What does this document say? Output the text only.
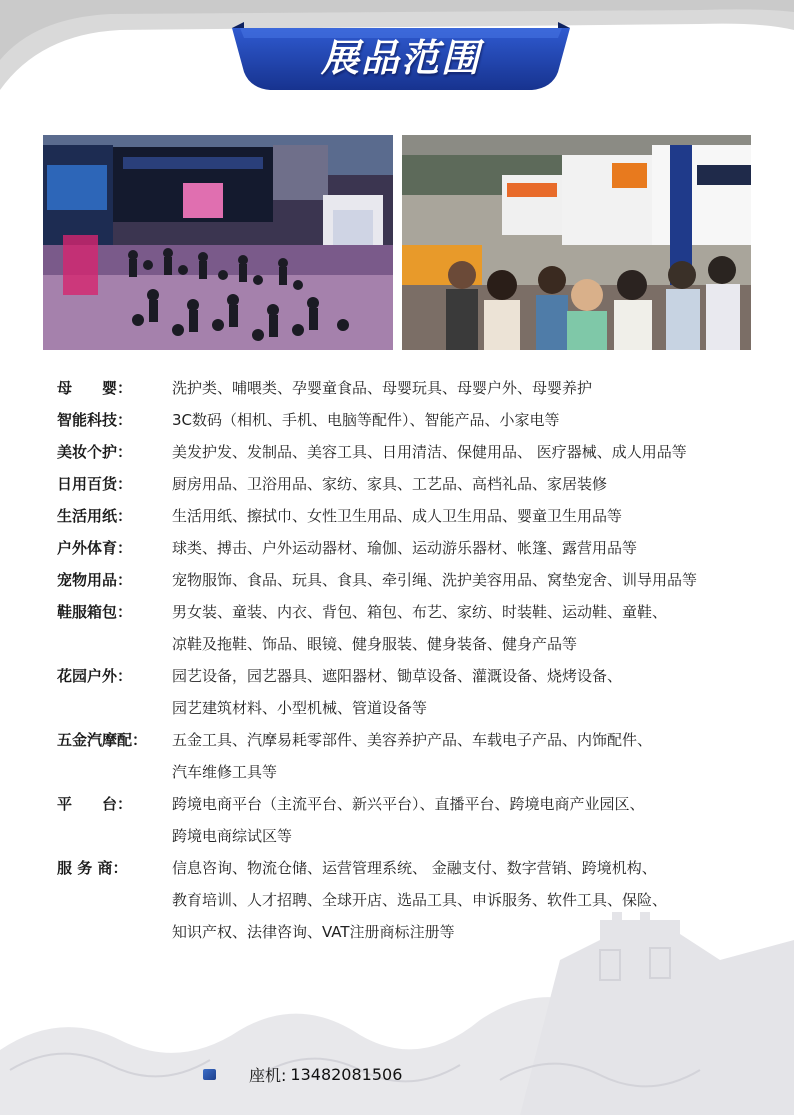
展品范围
母　　婴：	洗护类、哺喂类、孕婴童食品、母婴玩具、母婴户外、母婴养护
智能科技：	3C数码（相机、手机、电脑等配件）、智能产品、小家电等
美妆个护：	美发护发、发制品、美容工具、日用清洁、保健用品、 医疗器械、成人用品等
日用百货：	厨房用品、卫浴用品、家纺、家具、工艺品、高档礼品、家居装修
生活用纸：	生活用纸、擦拭巾、女性卫生用品、成人卫生用品、婴童卫生用品等
户外体育：	球类、搏击、户外运动器材、瑜伽、运动游乐器材、帐篷、露营用品等
宠物用品：	宠物服饰、食品、玩具、食具、牵引绳、洗护美容用品、窝垫宠舍、训导用品等
鞋服箱包：	男女装、童装、内衣、背包、箱包、布艺、家纺、时装鞋、运动鞋、童鞋、
凉鞋及拖鞋、饰品、眼镜、健身服装、健身装备、健身产品等
花园户外：	园艺设备，园艺器具、遮阳器材、锄草设备、灌溉设备、烧烤设备、
园艺建筑材料、小型机械、管道设备等
五金汽摩配：	五金工具、汽摩易耗零部件、美容养护产品、车载电子产品、内饰配件、
汽车维修工具等
平　　台：	跨境电商平台（主流平台、新兴平台）、直播平台、跨境电商产业园区、
跨境电商综试区等
服 务 商：	信息咨询、物流仓储、运营管理系统、 金融支付、数字营销、跨境机构、
教育培训、人才招聘、全球开店、选品工具、申诉服务、软件工具、保险、
知识产权、法律咨询、VAT注册商标注册等
座机: 13482081506
